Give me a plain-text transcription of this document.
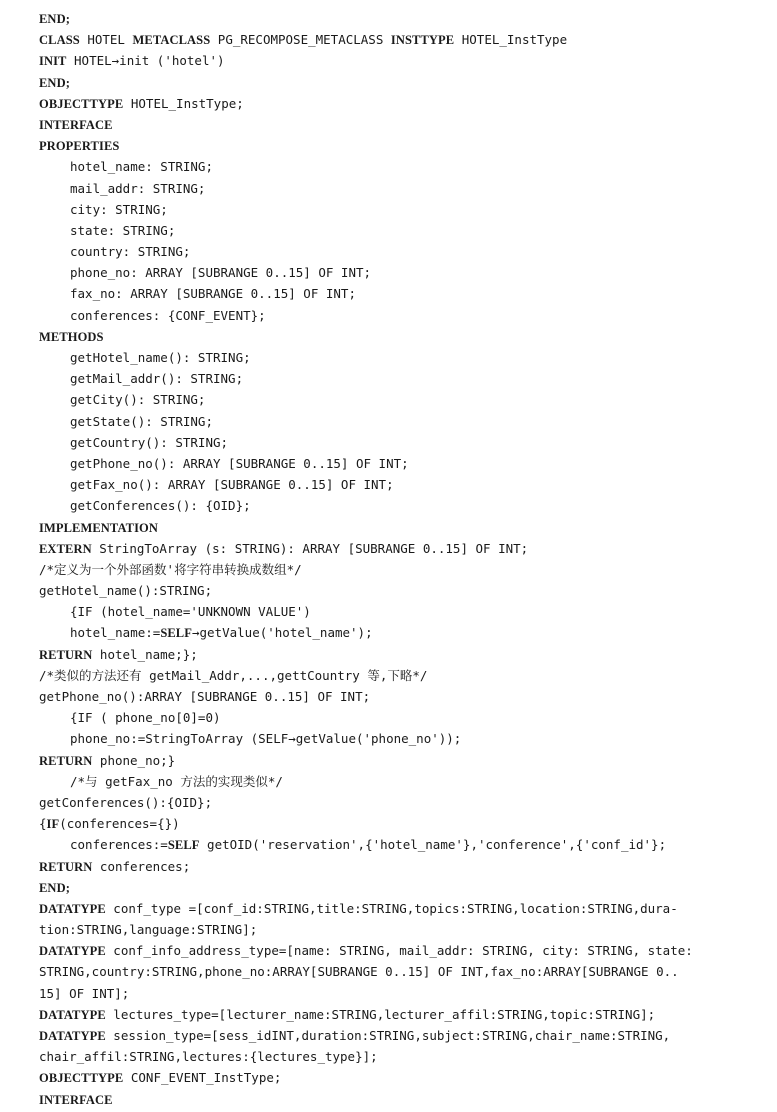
END;
CLASS HOTEL METACLASS PG_RECOMPOSE_METACLASS INSTTYPE HOTEL_InstType
INIT HOTEL→init ('hotel')
END;
OBJECTTYPE HOTEL_InstType;
INTERFACE
PROPERTIES
hotel_name: STRING;
mail_addr: STRING;
city: STRING;
state: STRING;
country: STRING;
phone_no: ARRAY [SUBRANGE 0..15] OF INT;
fax_no: ARRAY [SUBRANGE 0..15] OF INT;
conferences: {CONF_EVENT};
METHODS
getHotel_name(): STRING;
getMail_addr(): STRING;
getCity(): STRING;
getState(): STRING;
getCountry(): STRING;
getPhone_no(): ARRAY [SUBRANGE 0..15] OF INT;
getFax_no(): ARRAY [SUBRANGE 0..15] OF INT;
getConferences(): {OID};
IMPLEMENTATION
EXTERN StringToArray (s: STRING): ARRAY [SUBRANGE 0..15] OF INT;
/*定义为一个外部函数'将字符串转换成数组*/
getHotel_name():STRING;
{IF (hotel_name='UNKNOWN VALUE')
hotel_name:=SELF→getValue('hotel_name');
RETURN hotel_name;};
/*类似的方法还有 getMail_Addr,...,gettCountry 等,下略*/
getPhone_no():ARRAY [SUBRANGE 0..15] OF INT;
{IF ( phone_no[0]=0)
phone_no:=StringToArray (SELF→getValue('phone_no'));
RETURN phone_no;}
/*与 getFax_no 方法的实现类似*/
getConferences():{OID};
{IF(conferences={})
conferences:=SELF getOID('reservation',{'hotel_name'},'conference',{'conf_id'};
RETURN conferences;
END;
DATATYPE conf_type =[conf_id:STRING,title:STRING,topics:STRING,location:STRING,dura-
tion:STRING,language:STRING];
DATATYPE conf_info_address_type=[name: STRING, mail_addr: STRING, city: STRING, state:
STRING,country:STRING,phone_no:ARRAY[SUBRANGE 0..15] OF INT,fax_no:ARRAY[SUBRANGE 0..
15] OF INT];
DATATYPE lectures_type=[lecturer_name:STRING,lecturer_affil:STRING,topic:STRING];
DATATYPE session_type=[sess_idINT,duration:STRING,subject:STRING,chair_name:STRING,
chair_affil:STRING,lectures:{lectures_type}];
OBJECTTYPE CONF_EVENT_InstType;
INTERFACE
